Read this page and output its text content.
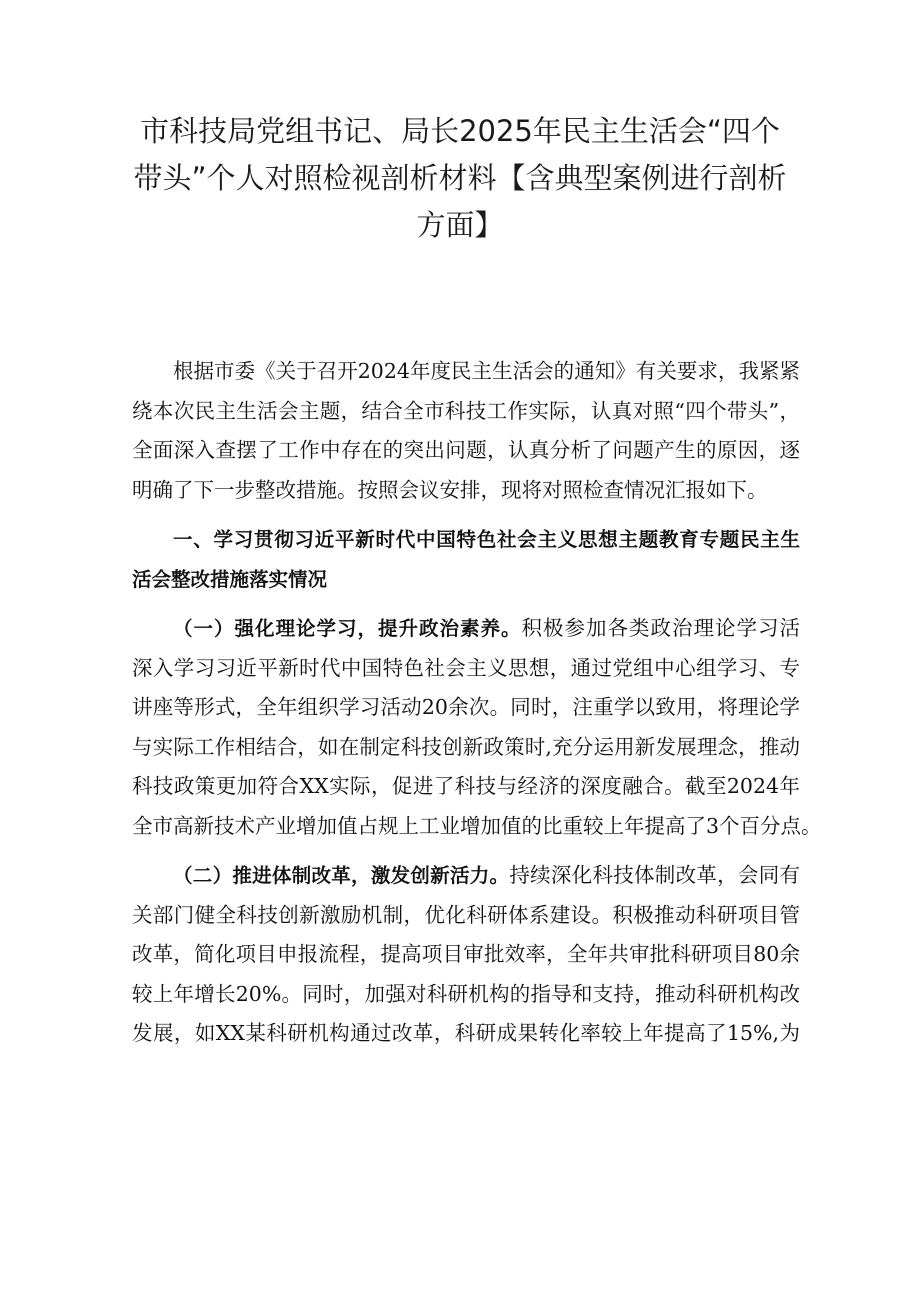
市科技局党组书记、局长2025年民主生活会“四个
带头”个人对照检视剖析材料【含典型案例进行剖析
方面】
根据市委《关于召开2024年度民主生活会的通知》有关要求，我紧紧
绕本次民主生活会主题，结合全市科技工作实际，认真对照“四个带头”，
全面深入查摆了工作中存在的突出问题，认真分析了问题产生的原因，逐
明确了下一步整改措施。按照会议安排，现将对照检查情况汇报如下。
一、学习贯彻习近平新时代中国特色社会主义思想主题教育专题民主生
活会整改措施落实情况
（一）强化理论学习，提升政治素养。积极参加各类政治理论学习活
深入学习习近平新时代中国特色社会主义思想，通过党组中心组学习、专
讲座等形式，全年组织学习活动20余次。同时，注重学以致用，将理论学
与实际工作相结合，如在制定科技创新政策时,充分运用新发展理念，推动
科技政策更加符合XX实际，促进了科技与经济的深度融合。截至2024年
全市高新技术产业增加值占规上工业增加值的比重较上年提高了3个百分点。
（二）推进体制改革，激发创新活力。持续深化科技体制改革，会同有
关部门健全科技创新激励机制，优化科研体系建设。积极推动科研项目管
改革，简化项目申报流程，提高项目审批效率，全年共审批科研项目80余
较上年增长20%。同时，加强对科研机构的指导和支持，推动科研机构改
发展，如XX某科研机构通过改革，科研成果转化率较上年提高了15%,为
